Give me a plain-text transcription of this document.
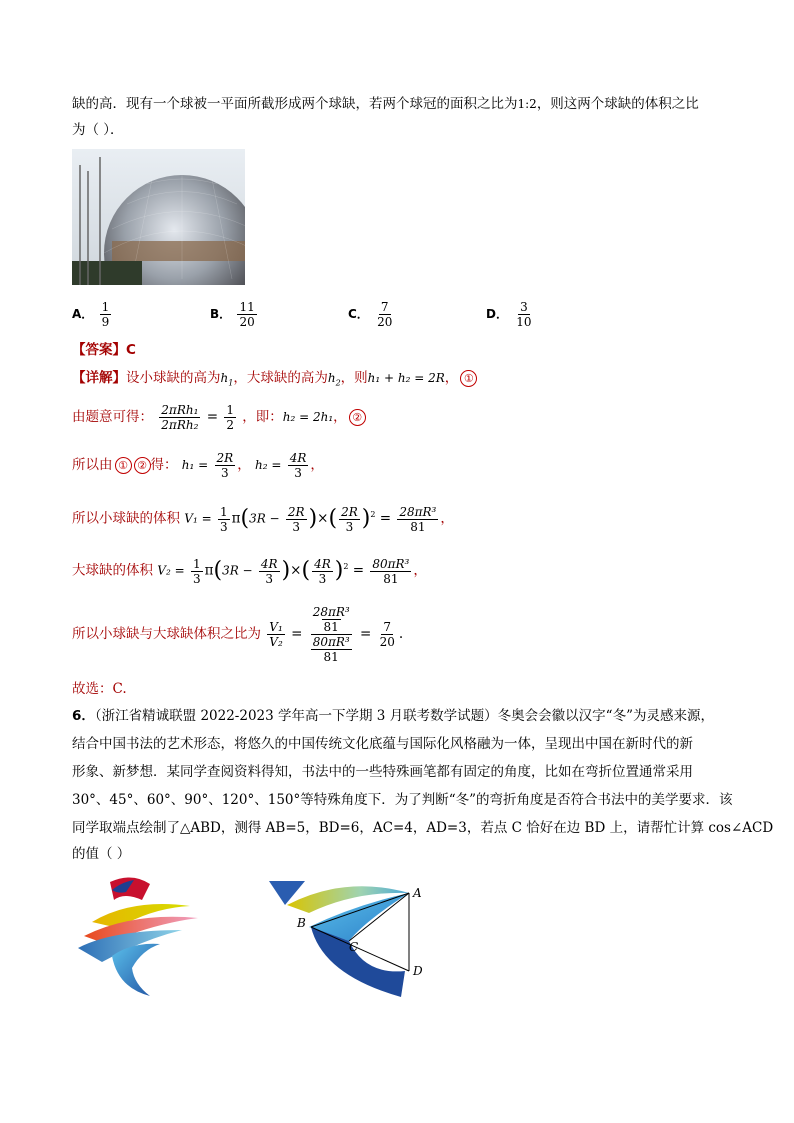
缺的高．现有一个球被一平面所截形成两个球缺，若两个球冠的面积之比为1:2，则这两个球缺的体积之比
为（ ）．
A． $\frac{1}{9}$	B． $\frac{11}{20}$	C． $\frac{7}{20}$	D． $\frac{3}{10}$
【答案】C
【详解】设小球缺的高为$h_1$，大球缺的高为$h_2$，则h₁ + h₂ = 2R， ①
由题意可得： $\frac{\text{2πRh₁}}{\text{2πRh₂}} = \frac{1}{2}$ ，即：h₂ = 2h₁， ②
所以由 ① ② 得： $h_1 = \frac{2R}{3}$ ， $h_2 = \frac{4R}{3}$ ，
所以小球缺的体积 $V_1 = \frac{1}{3} \pi(3R - \frac{2R}{3}$ )×( $\frac{2R}{3} )^2 = \frac{\text{28πR³}}{81}$ ，
大球缺的体积 $V_2 = \frac{1}{3} \pi(3R - \frac{4R}{3}$ )×( $\frac{4R}{3} )^2 = \frac{\text{80πR³}}{81}$ ，
所以小球缺与大球缺体积之比为 $\frac{\text{V₁}}{\text{V₂}} = 28\pi R^3$
81
80πR³
$81 = \frac{7}{20}$ .
故选：C.
6．（浙江省精诚联盟 2022-2023 学年高一下学期 3 月联考数学试题）冬奥会会徽以汉字“冬”为灵感来源，
结合中国书法的艺术形态，将悠久的中国传统文化底蕴与国际化风格融为一体，呈现出中国在新时代的新
形象、新梦想．某同学查阅资料得知，书法中的一些特殊画笔都有固定的角度，比如在弯折位置通常采用
30°、45°、60°、90°、120°、150°等特殊角度下．为了判断“冬”的弯折角度是否符合书法中的美学要求．该
同学取端点绘制了△ABD，测得 AB=5，BD=6，AC=4，AD=3，若点 C 恰好在边 BD 上，请帮忙计算 cos∠ACD
的值（ ）
A
B
C
D
